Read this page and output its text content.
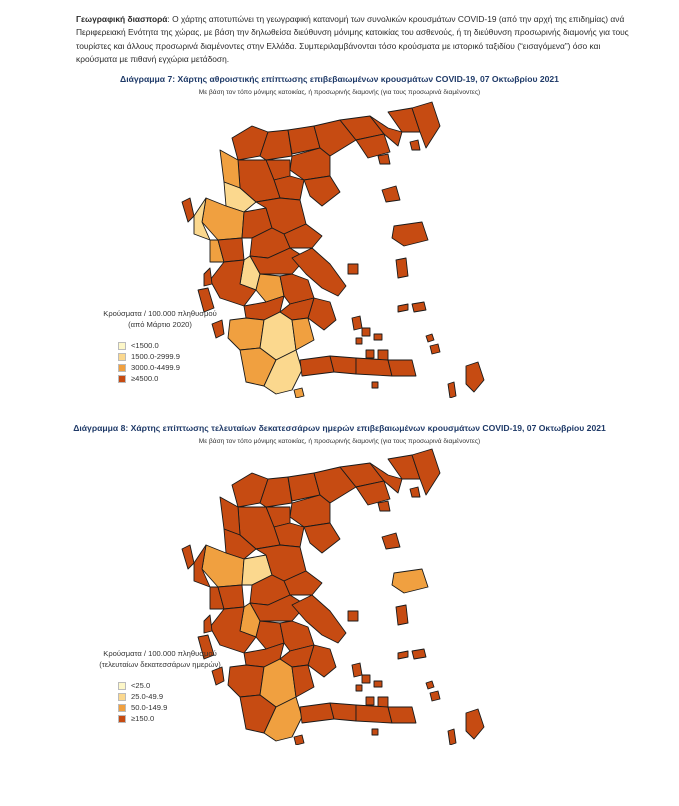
Γεωγραφική διασπορά: Ο χάρτης αποτυπώνει τη γεωγραφική κατανομή των συνολικών κρουσμάτων COVID-19 (από την αρχή της επιδημίας) ανά Περιφερειακή Ενότητα της χώρας, με βάση την δηλωθείσα διεύθυνση μόνιμης κατοικίας του ασθενούς, ή τη διεύθυνση προσωρινής διαμονής για τους τουρίστες και άλλους προσωρινά διαμένοντες στην Ελλάδα. Συμπεριλαμβάνονται τόσο κρούσματα με ιστορικό ταξιδίου (“εισαγόμενα”) όσο και κρούσματα με πιθανή εγχώρια μετάδοση.
Διάγραμμα 7: Χάρτης αθροιστικής επίπτωσης επιβεβαιωμένων κρουσμάτων COVID-19, 07 Οκτωβρίου 2021
Με βάση τον τόπο μόνιμης κατοικίας, ή προσωρινής διαμονής (για τους προσωρινά διαμένοντες)
Κρούσματα / 100.000 πληθυσμού
(από Μάρτιο 2020)
<1500.0
1500.0-2999.9
3000.0-4499.9
≥4500.0
Διάγραμμα 8: Χάρτης επίπτωσης τελευταίων δεκατεσσάρων ημερών επιβεβαιωμένων κρουσμάτων COVID-19, 07 Οκτωβρίου 2021
Με βάση τον τόπο μόνιμης κατοικίας, ή προσωρινής διαμονής (για τους προσωρινά διαμένοντες)
Κρούσματα / 100.000 πληθυσμού
(τελευταίων δεκατεσσάρων ημερών)
<25.0
25.0-49.9
50.0-149.9
≥150.0
